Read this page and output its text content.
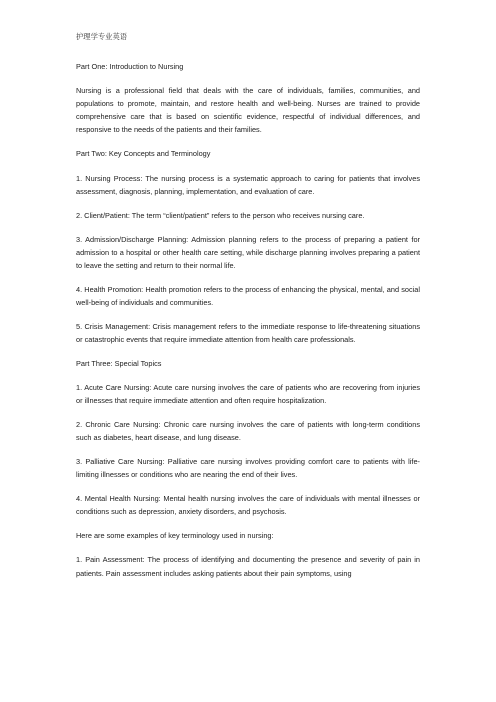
护理学专业英语
Part One: Introduction to Nursing
Nursing is a professional field that deals with the care of individuals, families, communities, and populations to promote, maintain, and restore health and well-being. Nurses are trained to provide comprehensive care that is based on scientific evidence, respectful of individual differences, and responsive to the needs of the patients and their families.
Part Two: Key Concepts and Terminology
1. Nursing Process: The nursing process is a systematic approach to caring for patients that involves assessment, diagnosis, planning, implementation, and evaluation of care.
2. Client/Patient: The term “client/patient” refers to the person who receives nursing care.
3. Admission/Discharge Planning: Admission planning refers to the process of preparing a patient for admission to a hospital or other health care setting, while discharge planning involves preparing a patient to leave the setting and return to their normal life.
4. Health Promotion: Health promotion refers to the process of enhancing the physical, mental, and social well-being of individuals and communities.
5. Crisis Management: Crisis management refers to the immediate response to life-threatening situations or catastrophic events that require immediate attention from health care professionals.
Part Three: Special Topics
1. Acute Care Nursing: Acute care nursing involves the care of patients who are recovering from injuries or illnesses that require immediate attention and often require hospitalization.
2. Chronic Care Nursing: Chronic care nursing involves the care of patients with long-term conditions such as diabetes, heart disease, and lung disease.
3. Palliative Care Nursing: Palliative care nursing involves providing comfort care to patients with life-limiting illnesses or conditions who are nearing the end of their lives.
4. Mental Health Nursing: Mental health nursing involves the care of individuals with mental illnesses or conditions such as depression, anxiety disorders, and psychosis.
Here are some examples of key terminology used in nursing:
1. Pain Assessment: The process of identifying and documenting the presence and severity of pain in patients. Pain assessment includes asking patients about their pain symptoms, using
